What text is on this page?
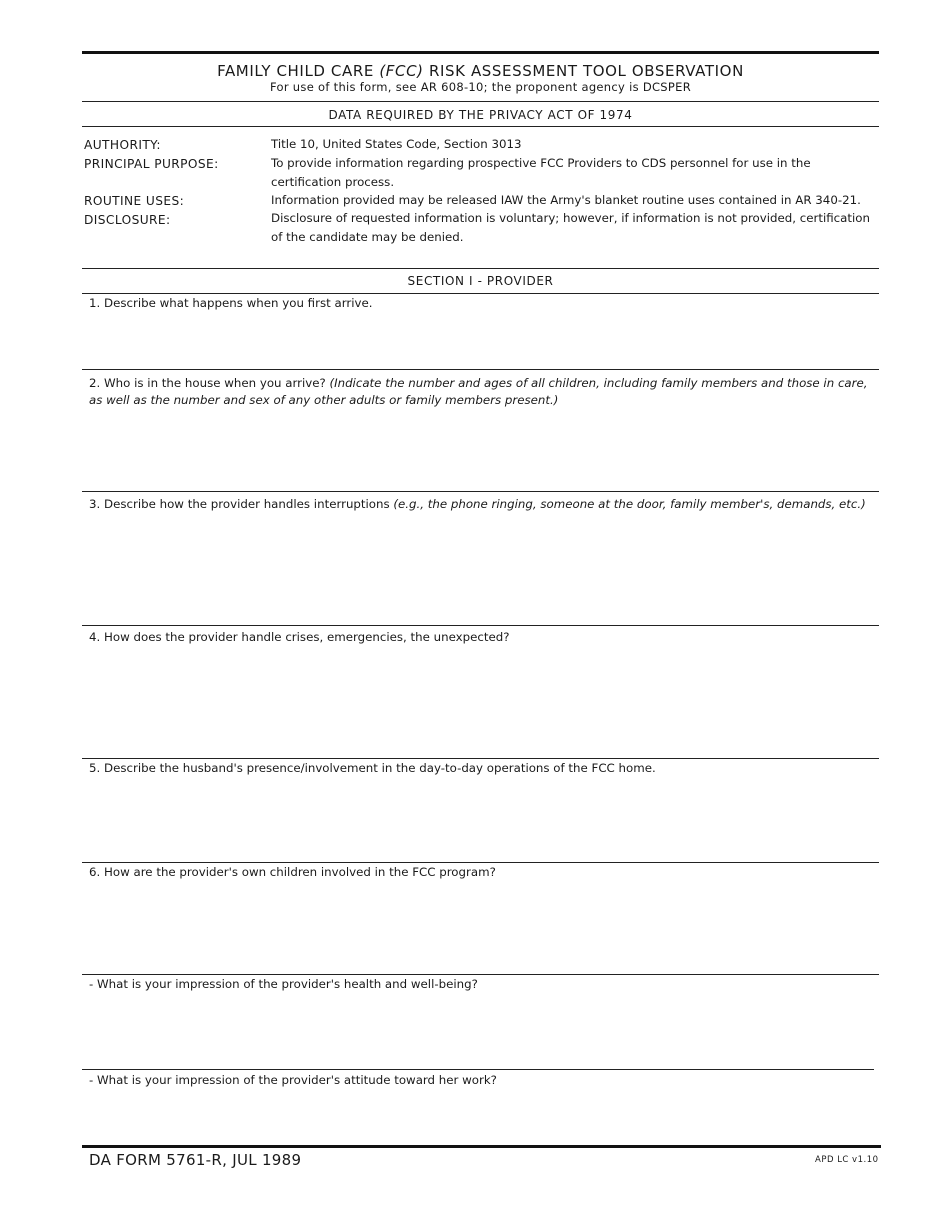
FAMILY CHILD CARE (FCC) RISK ASSESSMENT TOOL OBSERVATION
For use of this form, see AR 608-10; the proponent agency is DCSPER
DATA REQUIRED BY THE PRIVACY ACT OF 1974
AUTHORITY:	Title 10, United States Code, Section 3013
PRINCIPAL PURPOSE:	To provide information regarding prospective FCC Providers to CDS personnel for use in the certification process.
ROUTINE USES:	Information provided may be released IAW the Army's blanket routine uses contained in AR 340-21.
DISCLOSURE:	Disclosure of requested information is voluntary; however, if information is not provided, certification of the candidate may be denied.
SECTION I - PROVIDER
1. Describe what happens when you first arrive.
2. Who is in the house when you arrive? (Indicate the number and ages of all children, including family members and those in care, as well as the number and sex of any other adults or family members present.)
3. Describe how the provider handles interruptions (e.g., the phone ringing, someone at the door, family member's, demands, etc.)
4. How does the provider handle crises, emergencies, the unexpected?
5. Describe the husband's presence/involvement in the day-to-day operations of the FCC home.
6. How are the provider's own children involved in the FCC program?
- What is your impression of the provider's health and well-being?
- What is your impression of the provider's attitude toward her work?
DA FORM 5761-R, JUL 1989	APD LC v1.10
